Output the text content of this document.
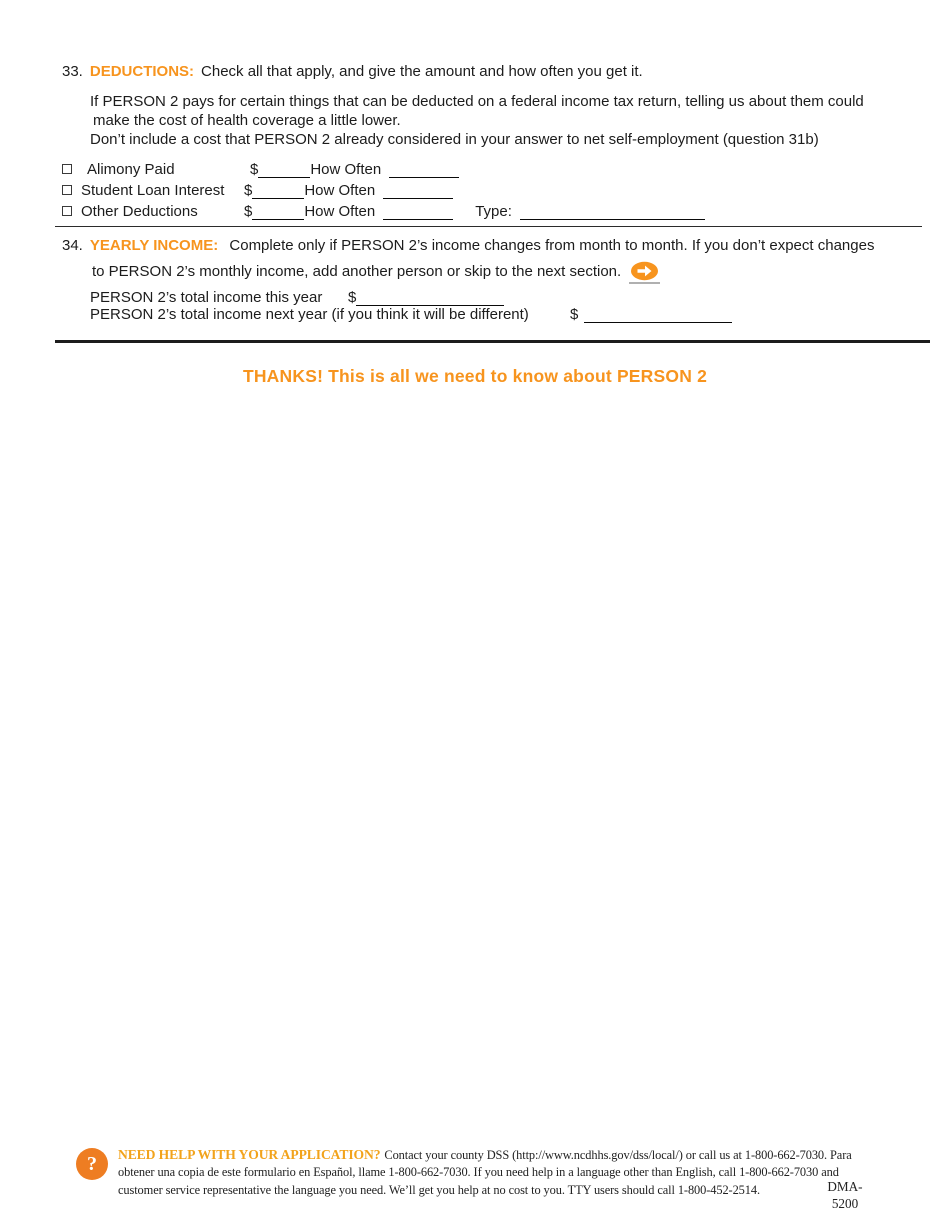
33. DEDUCTIONS: Check all that apply, and give the amount and how often you get it.
If PERSON 2 pays for certain things that can be deducted on a federal income tax return, telling us about them could
make the cost of health coverage a little lower.
Don’t include a cost that PERSON 2 already considered in your answer to net self-employment (question 31b)
Alimony Paid	$	How Often
Student Loan Interest	$	How Often
Other Deductions	$	How Often	Type:
34. YEARLY INCOME: Complete only if PERSON 2’s income changes from month to month. If you don’t expect changes
to PERSON 2’s monthly income, add another person or skip to the next section.
PERSON 2’s total income this year	$
PERSON 2’s total income next year (if you think it will be different)	$
THANKS! This is all we need to know about PERSON 2
? NEED HELP WITH YOUR APPLICATION? Contact your county DSS (http://www.ncdhhs.gov/dss/local/) or call us at 1-800-662-7030. Para
obtener una copia de este formulario en Español, llame 1-800-662-7030. If you need help in a language other than English, call 1-800-662-7030 and
customer service representative the language you need. We’ll get you help at no cost to you. TTY users should call 1-800-452-2514.	DMA-
5200
